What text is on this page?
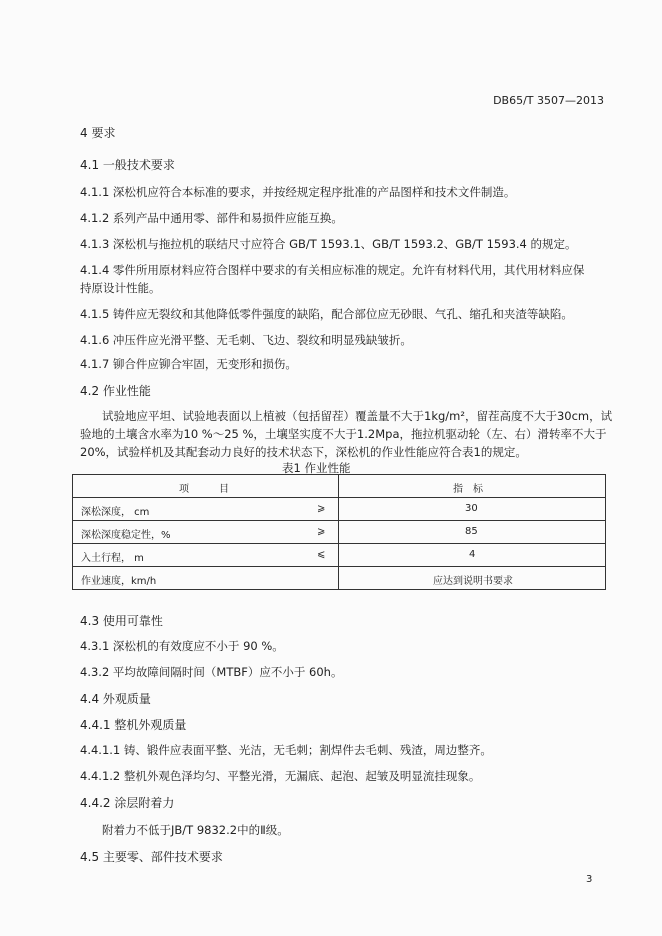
DB65/T 3507—2013
4 要求
4.1 一般技术要求
4.1.1 深松机应符合本标准的要求，并按经规定程序批准的产品图样和技术文件制造。
4.1.2 系列产品中通用零、部件和易损件应能互换。
4.1.3 深松机与拖拉机的联结尺寸应符合 GB/T 1593.1、GB/T 1593.2、GB/T 1593.4 的规定。
4.1.4 零件所用原材料应符合图样中要求的有关相应标准的规定。允许有材料代用，其代用材料应保
持原设计性能。
4.1.5 铸件应无裂纹和其他降低零件强度的缺陷，配合部位应无砂眼、气孔、缩孔和夹渣等缺陷。
4.1.6 冲压件应光滑平整、无毛刺、飞边、裂纹和明显残缺皱折。
4.1.7 铆合件应铆合牢固，无变形和损伤。
4.2 作业性能
试验地应平坦、试验地表面以上植被（包括留茬）覆盖量不大于1kg/m²，留茬高度不大于30cm，试
验地的土壤含水率为10 %～25 %，土壤坚实度不大于1.2Mpa，拖拉机驱动轮（左、右）滑转率不大于
20%，试验样机及其配套动力良好的技术状态下，深松机的作业性能应符合表1的规定。
表1 作业性能
项　　　目	指　标

深松深度， cm ⩾	30

深松深度稳定性，% ⩾	85

入土行程， m ⩽	4

作业速度，km/h	应达到说明书要求
4.3 使用可靠性
4.3.1 深松机的有效度应不小于 90 %。
4.3.2 平均故障间隔时间（MTBF）应不小于 60h。
4.4 外观质量
4.4.1 整机外观质量
4.4.1.1 铸、锻件应表面平整、光洁，无毛刺；割焊件去毛刺、残渣，周边整齐。
4.4.1.2 整机外观色泽均匀、平整光滑，无漏底、起泡、起皱及明显流挂现象。
4.4.2 涂层附着力
附着力不低于JB/T 9832.2中的Ⅱ级。
4.5 主要零、部件技术要求
3
